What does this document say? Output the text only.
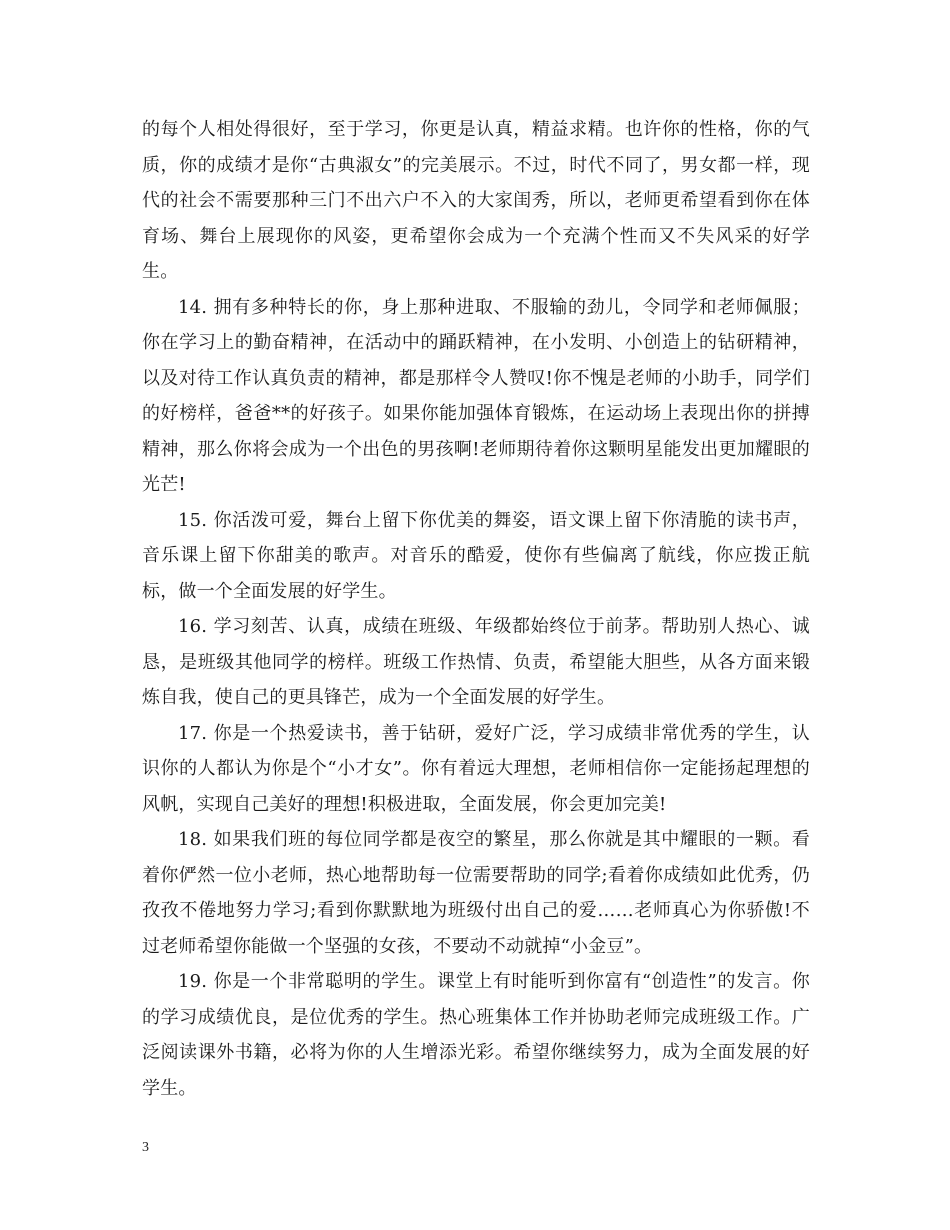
的每个人相处得很好，至于学习，你更是认真，精益求精。也许你的性格，你的气质，你的成绩才是你“古典淑女”的完美展示。不过，时代不同了，男女都一样，现代的社会不需要那种三门不出六户不入的大家闺秀，所以，老师更希望看到你在体育场、舞台上展现你的风姿，更希望你会成为一个充满个性而又不失风采的好学生。

14. 拥有多种特长的你，身上那种进取、不服输的劲儿，令同学和老师佩服；你在学习上的勤奋精神，在活动中的踊跃精神，在小发明、小创造上的钻研精神，以及对待工作认真负责的精神，都是那样令人赞叹!你不愧是老师的小助手，同学们的好榜样，爸爸**的好孩子。如果你能加强体育锻炼，在运动场上表现出你的拼搏精神，那么你将会成为一个出色的男孩啊!老师期待着你这颗明星能发出更加耀眼的光芒!

15. 你活泼可爱，舞台上留下你优美的舞姿，语文课上留下你清脆的读书声，音乐课上留下你甜美的歌声。对音乐的酷爱，使你有些偏离了航线，你应拨正航标，做一个全面发展的好学生。

16. 学习刻苦、认真，成绩在班级、年级都始终位于前茅。帮助别人热心、诚恳，是班级其他同学的榜样。班级工作热情、负责，希望能大胆些，从各方面来锻炼自我，使自己的更具锋芒，成为一个全面发展的好学生。

17. 你是一个热爱读书，善于钻研，爱好广泛，学习成绩非常优秀的学生，认识你的人都认为你是个“小才女”。你有着远大理想，老师相信你一定能扬起理想的风帆，实现自己美好的理想!积极进取，全面发展，你会更加完美!

18. 如果我们班的每位同学都是夜空的繁星，那么你就是其中耀眼的一颗。看着你俨然一位小老师，热心地帮助每一位需要帮助的同学;看着你成绩如此优秀，仍孜孜不倦地努力学习;看到你默默地为班级付出自己的爱……老师真心为你骄傲!不过老师希望你能做一个坚强的女孩，不要动不动就掉“小金豆”。

19. 你是一个非常聪明的学生。课堂上有时能听到你富有“创造性”的发言。你的学习成绩优良，是位优秀的学生。热心班集体工作并协助老师完成班级工作。广泛阅读课外书籍，必将为你的人生增添光彩。希望你继续努力，成为全面发展的好学生。

3
